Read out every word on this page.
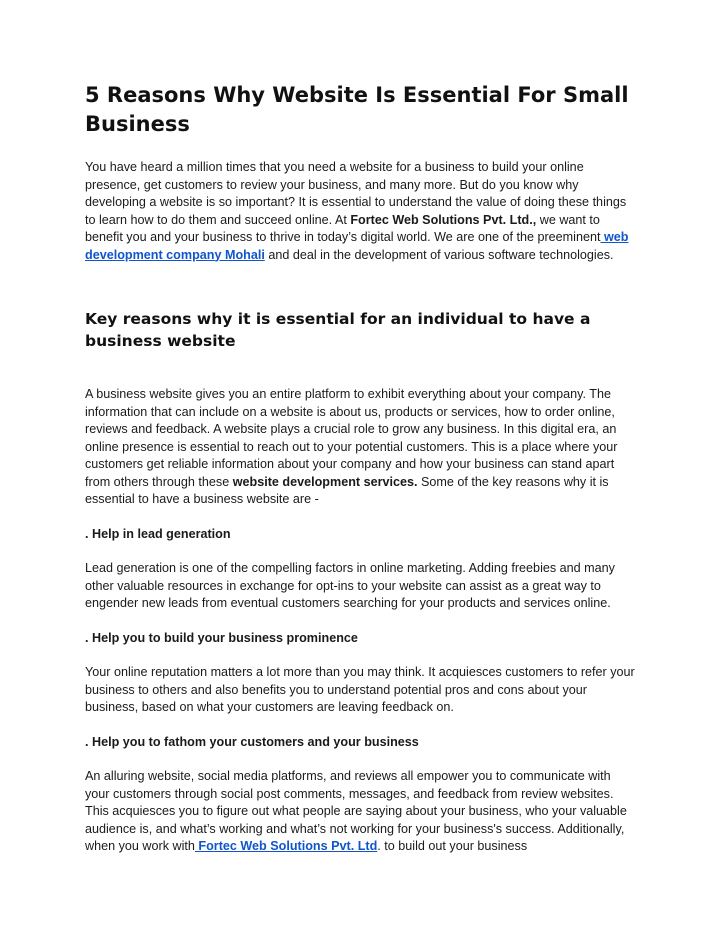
5 Reasons Why Website Is Essential For Small Business

You have heard a million times that you need a website for a business to build your online presence, get customers to review your business, and many more. But do you know why developing a website is so important? It is essential to understand the value of doing these things to learn how to do them and succeed online. At Fortec Web Solutions Pvt. Ltd., we want to benefit you and your business to thrive in today’s digital world. We are one of the preeminent web development company Mohali and deal in the development of various software technologies.

Key reasons why it is essential for an individual to have a business website

A business website gives you an entire platform to exhibit everything about your company. The information that can include on a website is about us, products or services, how to order online, reviews and feedback. A website plays a crucial role to grow any business. In this digital era, an online presence is essential to reach out to your potential customers. This is a place where your customers get reliable information about your company and how your business can stand apart from others through these website development services. Some of the key reasons why it is essential to have a business website are -

. Help in lead generation

Lead generation is one of the compelling factors in online marketing. Adding freebies and many other valuable resources in exchange for opt-ins to your website can assist as a great way to engender new leads from eventual customers searching for your products and services online.

. Help you to build your business prominence

Your online reputation matters a lot more than you may think. It acquiesces customers to refer your business to others and also benefits you to understand potential pros and cons about your business, based on what your customers are leaving feedback on.

. Help you to fathom your customers and your business

An alluring website, social media platforms, and reviews all empower you to communicate with your customers through social post comments, messages, and feedback from review websites. This acquiesces you to figure out what people are saying about your business, who your valuable audience is, and what’s working and what’s not working for your business's success. Additionally, when you work with Fortec Web Solutions Pvt. Ltd. to build out your business
